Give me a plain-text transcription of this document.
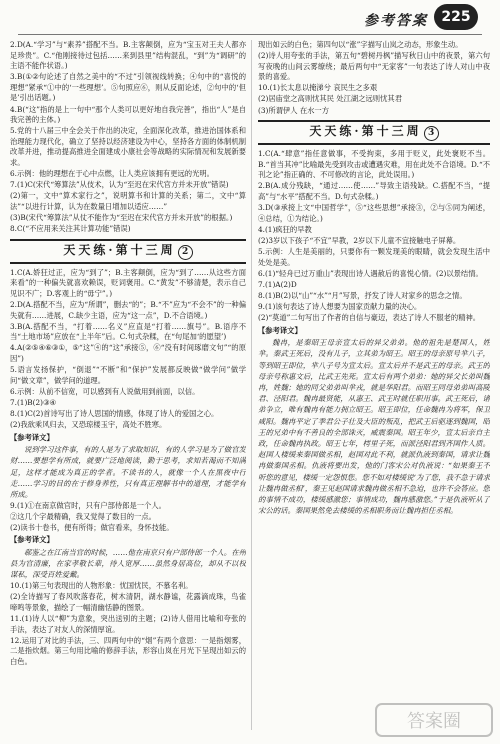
参考答案 225

2.D(A.“学习”与“素养”搭配不当。B.主客颠倒，应为“宝玉对王夫人都亦足珍贵”。C.“他刚接待过包括……来到县里”结构混乱，“到”为“调研”的主语不能作状语。)

3.B(①②句论述了自然之美中的“不过”引领视线转换；④句中的“喜悦的理想”紧承“①中的‘一些理想’。⑤句照应⑥，则从反面论述，②句中的‘但是’引出话题。)

4.B(“这”指的是上一句中“那个人类可以更好地自我完善”，指出“人”是自我完善的主体。)

5.党的十八届三中全会关于作出的决定，全面深化改革，推进治国体系和治理能力现代化，确立了坚持以经济建设为中心，坚持各方面的体制机制改革并进，推动提高推进全面建成小康社会等战略的实际情况和发展新要求。

6.示例：他的理想在于心中点燃，让人类应该拥有更远的光明。

7.(1)C(宋代“筹算法”从伎术，认为“至迟在宋代官方并未开放”错误)

(2)第一，文中“算术家行之”，说明算书和计算的关系；第二，文中“算法”“以进行计算，认为在数量日增加以适应……”

(3)B(宋代“筹算法”从仗不能作为“至迟在宋代官方并未开放”的根据。)

8.C(“不应用来关注其计算功能”错误)

天天练·第十三周 2

1.C(A.娇狂过正，应为“到了”；B.主客颠倒，应为“到了……从这些方面来看”的一种偏失就喜欢赖误，贬词褒用。C.“黄发”不够清楚，表示自己见识不广；D.客观上的“毋宁”。)

2.D(A.搭配不当，应为“所谓”，删去“的”；B.“不”应为“不会不”的一种偏失就有……进展，C.缺少主语，应为“这一点”，D.不合语境。)

3.B(A.搭配不当，“打着……名义”应直是“打着……旗号”。B.语序不当“土地市场”应放在“上半年”后。C.句式杂糅，在“句尾加‘的愿望’)

4.A(②⑤④⑥③①，⑤“这”④的“这”承接⑤，⑥“没有时间琢磨文句”“的原因”)

5.语言发扬保护，“倒退”“不断”和“保护”发展都反映做“做学问”做学问“做文章”，做学问的道理。

6.示例：从前不信宽，可以感到有人说做用到前面，以信。

7.(1)B(2)③④

8.(1)C(2)首诗写出了诗人思国的情感，体现了诗人的爱国之心。

(2)我欲乘风归去，又恐琼楼玉宇，高处不胜寒。

【参考译文】

说到学习这件事，有的人是为了求取知识，有的人学习是为了做官发财……要想学有所成，就要广泛地阅读，勤于思考，求知若渴而不知满足，这样才能成为真正的学者。不读书的人，就像一个人在黑夜中行走……学习的目的在于修身养性，只有真正理解书中的道理，才能学有所成。

9.(1)①在南京做官时，只有户部侍郎是一个人。

②这几个字最精确，我又觉得了数目的一点。

(2)读书十卷书，便有所得；做官看来，身怀技能。

【参考译文】

郗鉴之在江南当官的时候，……他在南京只有户部侍郎一个人。在州县为官清廉，在家孝敬长辈，待人宽厚……虽然身居高位，却从不以权谋私，深受百姓爱戴。

10.(1)第三句表现出的人物形象：忧国忧民，不慕名利。

(2)全诗描写了春风吹落春花，树木清阴，湖水静谧，花露滴成珠，鸟雀啼鸣等景象，描绘了一幅清幽恬静的图景。

11.(1)诗人以“柳”为意象，突出送别的主题；(2)诗人借用比喻和夸张的手法，表达了对友人的深情厚谊。

12.运用了对比的手法，三、四两句中的“烟”有两个意思：一是指烟雾，二是指炊烟。第三句用比喻的修辞手法，形容山岚在月光下呈现出如云的白色。

现出如云的白色；第四句以“涨”字描写山岚之动态，形象生动。

(2)诗人用夸张的手法，第五句“碧树丹枫”描写秋日山中的夜景，第六句写夜晚的山间云雾缭绕；最后两句中“无家客”一句表达了诗人对山中夜景的喜爱。

10.(1)长太息以掩涕兮 哀民生之多艰

(2)居庙堂之高则忧其民 处江湖之远则忧其君

(3)所谓伊人 在水一方

天天练·第十三周 3

1.C(A.“肆意”指任意做事，不受拘束，多用于贬义，此处褒贬不当。B.“首当其冲”比喻最先受到攻击或遭遇灾难，用在此处不合语境。D.“不刊之论”指正确的、不可修改的言论，此处误用。)

2.B(A.成分残缺，“通过……使……”导致主语残缺。C.搭配不当，“提高”与“水平”搭配不当。D.句式杂糅。)

3.D(③承接上文“中国哲学”，⑤“这些思想”承接③，②与⑤同为阐述，④总结，①为结论。)

4.(1)疯狂的早教

(2)3岁以下孩子“不宜”早教，2岁以下儿童不宜接触电子屏幕。

5.示例：人生是美丽的，只要你有一颗发现美的眼睛，就会发现生活中处处是美。

6.(1)“轻舟已过万重山”表现出诗人遇赦后的喜悦心情。(2)以景结情。

7.(1)A(2)D

8.(1)B(2)以“山”“水”“月”写景，抒发了诗人对家乡的思念之情。

9.(1)该句表达了诗人想要为国家贡献力量的决心。

(2)“莫道”二句写出了作者的自信与豪迈，表达了诗人不服老的精神。

【参考译文】

魏冉，是秦昭王母亲宣太后的异父弟弟。他的祖先是楚国人，姓芈。秦武王死后，没有儿子，立其弟为昭王。昭王的母亲原号芈八子，等到昭王即位，芈八子号为宣太后。宣太后并不是武王的母亲。武王的母亲号称惠文后，比武王先死。宣太后有两个弟弟：她的异父长弟叫魏冉，姓魏；她的同父弟弟叫芈戎，就是华阳君。而昭王同母弟弟叫高陵君、泾阳君。魏冉最贤能，从惠王、武王时就任职用事。武王死后，诸弟争立，唯有魏冉有能力拥立昭王。昭王即位，任命魏冉为将军，保卫咸阳。魏冉平定了季君公子壮及大臣的叛乱，把武王后驱逐到魏国，昭王的兄弟中有不善良的全部诛灭，威震秦国。昭王年少，宣太后亲自主政，任命魏冉执政。昭王七年，樗里子死，而派泾阳君到齐国作人质。赵国人楼缓来秦国做丞相，赵国对此不利，就派仇液到秦国，请求让魏冉做秦国丞相。仇液将要出发，他的门客宋公对仇液说：“如果秦王不听您的意见，楼缓一定怨恨您。您不如对楼缓说‘为了您，我不急于请求让魏冉做丞相’，秦王见赵国请求魏冉做丞相不急迫，也许不会答应。您的事情不成功，楼缓感激您；事情成功，魏冉感激您。”于是仇液听从了宋公的话。秦国果然免去楼缓的丞相职务而让魏冉担任丞相。

答案圈
